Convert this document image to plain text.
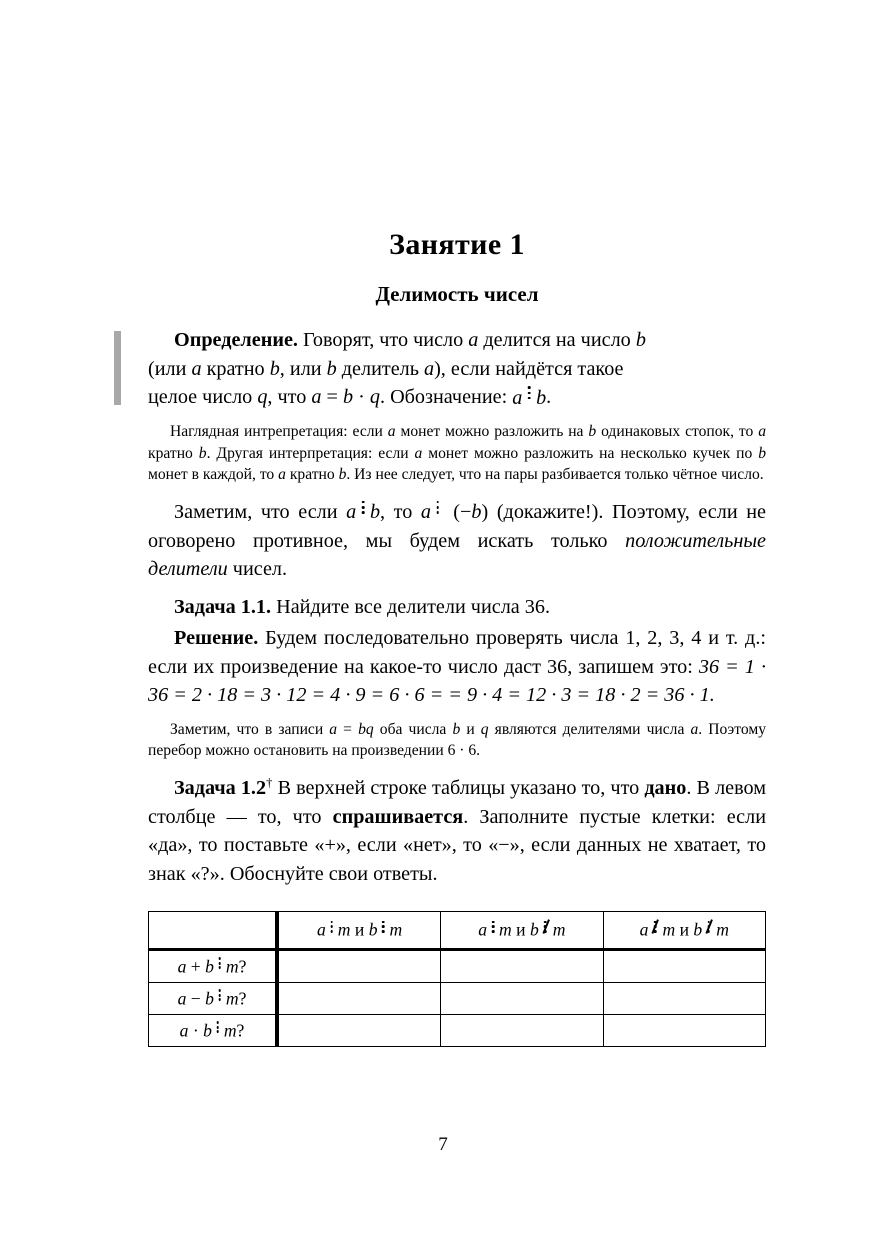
Занятие 1
Делимость чисел

Определение. Говорят, что число a делится на число b
(или a кратно b, или b делитель a), если найдётся такое
целое число q, что a = b · q. Обозначение: a b.

Наглядная интрепретация: если a монет можно разложить на b одинаковых стопок, то a кратно b. Другая интерпретация: если a монет можно разложить на несколько кучек по b монет в каждой, то a кратно b. Из нее следует, что на пары разбивается только чётное число.

Заметим, что если a b, то a
(−b) (докажите!). Поэтому, если не оговорено противное, мы будем искать только положительные делители чисел.

Задача 1.1. Найдите все делители числа 36.

Решение. Будем последовательно проверять числа 1, 2, 3, 4 и т. д.: если их произведение на какое-то число даст 36, запишем это: 36 = 1 · 36 = 2 · 18 = 3 · 12 = 4 · 9 = 6 · 6 = = 9 · 4 = 12 · 3 = 18 · 2 = 36 · 1.

Заметим, что в записи a = bq оба числа b и q являются делителями числа a. Поэтому перебор можно остановить на произведении 6 · 6.

Задача 1.2† В верхней строке таблицы указано то, что дано. В левом столбце — то, что спрашивается. Заполните пустые клетки: если «да», то поставьте «+», если «нет», то «−», если данных не хватает, то знак «?». Обоснуйте свои ответы.

	a m и b m	a m и b m	a m и b m
a + b m?			
a − b m?			
a · b m?			
7
